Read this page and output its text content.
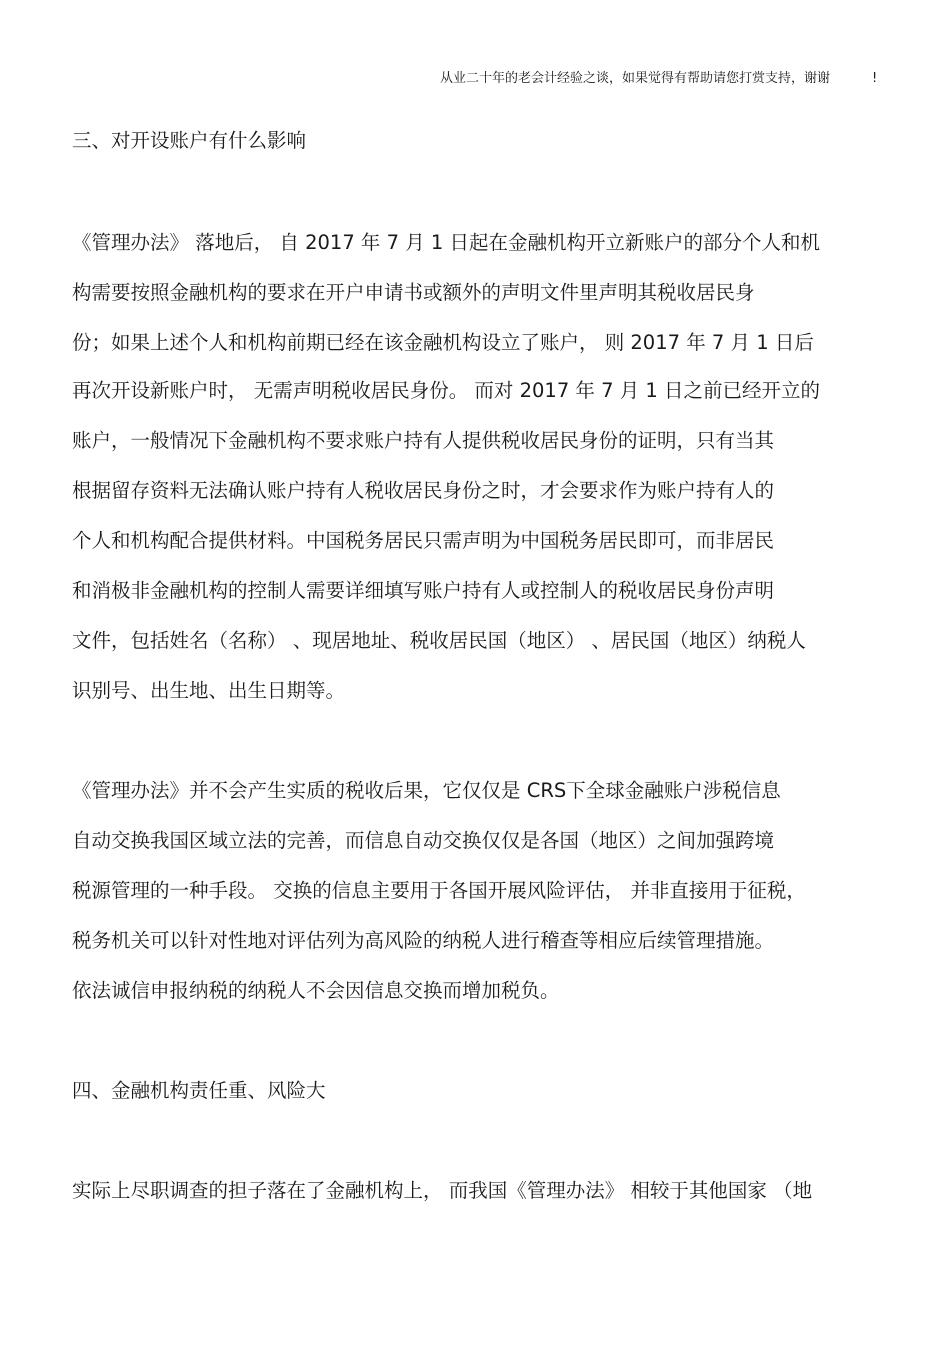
从业二十年的老会计经验之谈，如果觉得有帮助请您打赏支持，谢谢	!
三、对开设账户有什么影响
《管理办法》 落地后， 自 2017 年 7 月 1 日起在金融机构开立新账户的部分个人和机
构需要按照金融机构的要求在开户申请书或额外的声明文件里声明其税收居民身
份；如果上述个人和机构前期已经在该金融机构设立了账户， 则 2017 年 7 月 1 日后
再次开设新账户时， 无需声明税收居民身份。 而对 2017 年 7 月 1 日之前已经开立的
账户，一般情况下金融机构不要求账户持有人提供税收居民身份的证明，只有当其
根据留存资料无法确认账户持有人税收居民身份之时，才会要求作为账户持有人的
个人和机构配合提供材料。中国税务居民只需声明为中国税务居民即可，而非居民
和消极非金融机构的控制人需要详细填写账户持有人或控制人的税收居民身份声明
文件，包括姓名（名称） 、现居地址、税收居民国（地区） 、居民国（地区）纳税人
识别号、出生地、出生日期等。
《管理办法》并不会产生实质的税收后果，它仅仅是 CRS下全球金融账户涉税信息
自动交换我国区域立法的完善，而信息自动交换仅仅是各国（地区）之间加强跨境
税源管理的一种手段。 交换的信息主要用于各国开展风险评估， 并非直接用于征税，
税务机关可以针对性地对评估列为高风险的纳税人进行稽查等相应后续管理措施。
依法诚信申报纳税的纳税人不会因信息交换而增加税负。
四、金融机构责任重、风险大
实际上尽职调查的担子落在了金融机构上， 而我国《管理办法》 相较于其他国家 （地
